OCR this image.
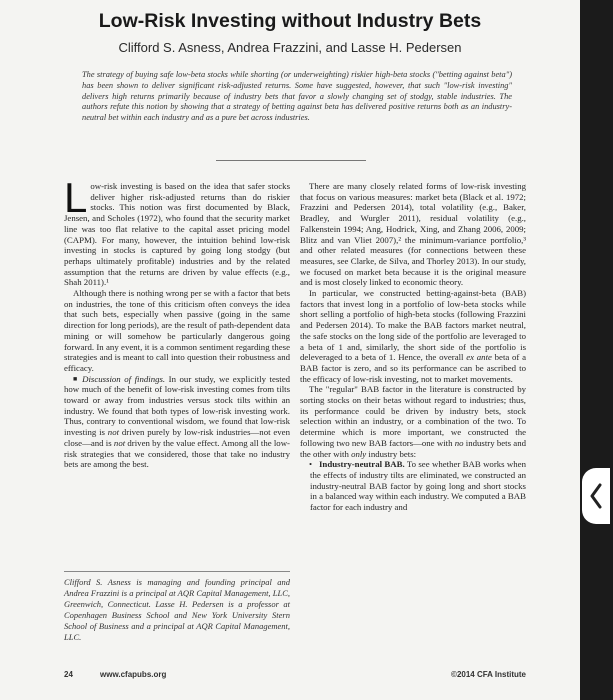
Low-Risk Investing without Industry Bets
Clifford S. Asness, Andrea Frazzini, and Lasse H. Pedersen

The strategy of buying safe low-beta stocks while shorting (or underweighting) riskier high-beta stocks ("betting against beta") has been shown to deliver significant risk-adjusted returns. Some have suggested, however, that such "low-risk investing" delivers high returns primarily because of industry bets that favor a slowly changing set of stodgy, stable industries. The authors refute this notion by showing that a strategy of betting against beta has delivered positive returns both as an industry-neutral bet within each industry and as a pure bet across industries.

Low-risk investing is based on the idea that safer stocks deliver higher risk-adjusted returns than do riskier stocks. This notion was first documented by Black, Jensen, and Scholes (1972), who found that the security market line was too flat relative to the capital asset pricing model (CAPM). For many, however, the intuition behind low-risk investing in stocks is captured by going long stodgy (but perhaps ultimately profitable) industries and by the related assumption that the returns are driven by value effects (e.g., Shah 2011).¹

Although there is nothing wrong per se with a factor that bets on industries, the tone of this criticism often conveys the idea that such bets, especially when passive (going in the same direction for long periods), are the result of path-dependent data mining or will somehow be particularly dangerous going forward. In any event, it is a common sentiment regarding these strategies and is meant to call into question their robustness and efficacy.

■ Discussion of findings. In our study, we explicitly tested how much of the benefit of low-risk investing comes from tilts toward or away from industries versus stock tilts within an industry. We found that both types of low-risk investing work. Thus, contrary to conventional wisdom, we found that low-risk investing is not driven purely by low-risk industries—not even close—and is not driven by the value effect. Among all the low-risk strategies that we considered, those that take no industry bets are among the best.

There are many closely related forms of low-risk investing that focus on various measures: market beta (Black et al. 1972; Frazzini and Pedersen 2014), total volatility (e.g., Baker, Bradley, and Wurgler 2011), residual volatility (e.g., Falkenstein 1994; Ang, Hodrick, Xing, and Zhang 2006, 2009; Blitz and van Vliet 2007),² the minimum-variance portfolio,³ and other related measures (for connections between these measures, see Clarke, de Silva, and Thorley 2013). In our study, we focused on market beta because it is the original measure and is most closely linked to economic theory.

In particular, we constructed betting-against-beta (BAB) factors that invest long in a portfolio of low-beta stocks while short selling a portfolio of high-beta stocks (following Frazzini and Pedersen 2014). To make the BAB factors market neutral, the safe stocks on the long side of the portfolio are leveraged to a beta of 1 and, similarly, the short side of the portfolio is deleveraged to a beta of 1. Hence, the overall ex ante beta of a BAB factor is zero, and so its performance can be ascribed to the efficacy of low-risk investing, not to market movements.

The "regular" BAB factor in the literature is constructed by sorting stocks on their betas without regard to industries; thus, its performance could be driven by industry bets, stock selection within an industry, or a combination of the two. To determine which is more important, we constructed the following two new BAB factors—one with no industry bets and the other with only industry bets:

• Industry-neutral BAB. To see whether BAB works when the effects of industry tilts are eliminated, we constructed an industry-neutral BAB factor by going long and short stocks in a balanced way within each industry. We computed a BAB factor for each industry and

Clifford S. Asness is managing and founding principal and Andrea Frazzini is a principal at AQR Capital Management, LLC, Greenwich, Connecticut. Lasse H. Pedersen is a professor at Copenhagen Business School and New York University Stern School of Business and a principal at AQR Capital Management, LLC.

24	www.cfapubs.org	©2014 CFA Institute
